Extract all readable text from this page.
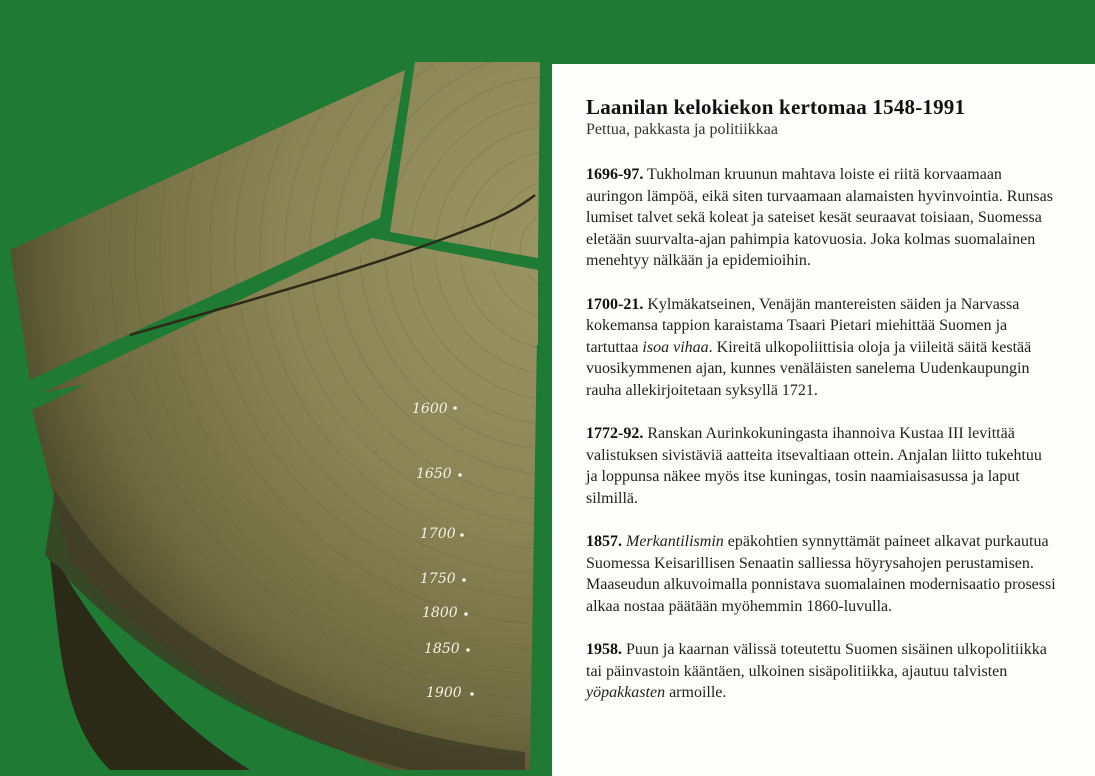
1600
1650
1700
1750
1800
1850
1900
Laanilan kelokiekon kertomaa 1548-1991
Pettua, pakkasta ja politiikkaa
1696-97. Tukholman kruunun mahtava loiste ei riitä korvaamaan auringon lämpöä, eikä siten turvaamaan alamaisten hyvinvointia. Runsas lumiset talvet sekä koleat ja sateiset kesät seuraavat toisiaan, Suomessa eletään suurvalta-ajan pahimpia katovuosia. Joka kolmas suomalainen menehtyy nälkään ja epidemioihin.
1700-21. Kylmäkatseinen, Venäjän mantereisten säiden ja Narvassa kokemansa tappion karaistama Tsaari Pietari miehittää Suomen ja tartuttaa isoa vihaa. Kireitä ulkopoliittisia oloja ja viileitä säitä kestää vuosikymmenen ajan, kunnes venäläisten sanelema Uudenkaupungin rauha allekirjoitetaan syksyllä 1721.
1772-92. Ranskan Aurinkokuningasta ihannoiva Kustaa III levittää valistuksen sivistäviä aatteita itsevaltiaan ottein. Anjalan liitto tukehtuu ja loppunsa näkee myös itse kuningas, tosin naamiaisasussa ja laput silmillä.
1857. Merkantilismin epäkohtien synnyttämät paineet alkavat purkautua Suomessa Keisarillisen Senaatin salliessa höyrysahojen perustamisen. Maaseudun alkuvoimalla ponnistava suomalainen modernisaatio prosessi alkaa nostaa päätään myöhemmin 1860-luvulla.
1958. Puun ja kaarnan välissä toteutettu Suomen sisäinen ulkopolitiikka tai päinvastoin kääntäen, ulkoinen sisäpolitiikka, ajautuu talvisten yöpakkasten armoille.
